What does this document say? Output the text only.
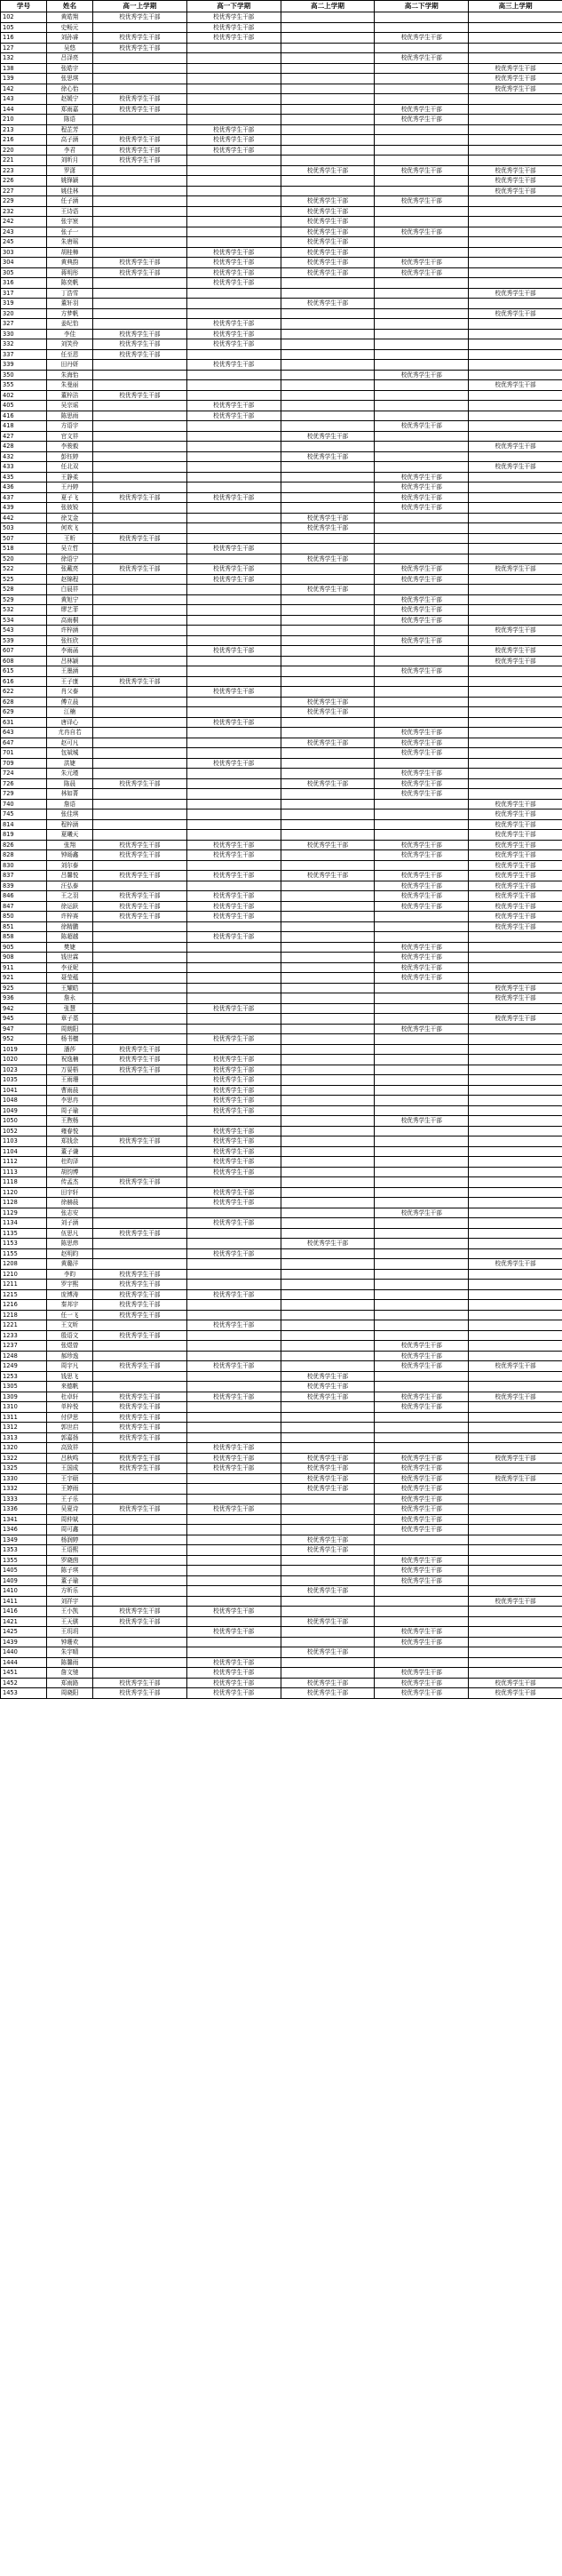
学号	姓名	高一上学期	高一下学期	高二上学期	高二下学期	高三上学期
102	黄皓翔	校优秀学生干部	校优秀学生干部			
105	史畅元		校优秀学生干部			
116	刘孙睿	校优秀学生干部	校优秀学生干部		校优秀学生干部	
127	吴悠	校优秀学生干部				
132	吕泽亮				校优秀学生干部	
138	张皓宇					校优秀学生干部
139	张思琪					校优秀学生干部
142	徐心怡					校优秀学生干部
143	赵媛宁	校优秀学生干部				
144	郑雨嘉	校优秀学生干部			校优秀学生干部	
210	陈语				校优秀学生干部	
213	程芷芳		校优秀学生干部			
216	高子涵	校优秀学生干部	校优秀学生干部			
220	李君	校优秀学生干部	校优秀学生干部			
221	刘昕月	校优秀学生干部				
223	罗潇			校优秀学生干部	校优秀学生干部	校优秀学生干部
226	姚锋颖					校优秀学生干部
227	姚佳林					校优秀学生干部
229	任子涵			校优秀学生干部	校优秀学生干部	
232	王诗语			校优秀学生干部		
242	张宇宸			校优秀学生干部		
243	张子一			校优秀学生干部	校优秀学生干部	
245	朱唐瑶			校优秀学生干部		
303	胡桂樟		校优秀学生干部	校优秀学生干部		
304	黄典韵	校优秀学生干部	校优秀学生干部	校优秀学生干部	校优秀学生干部	
305	蒋明彤	校优秀学生干部	校优秀学生干部	校优秀学生干部	校优秀学生干部	
316	陈奕帆		校优秀学生干部			
317	丁浩雪					校优秀学生干部
319	董轩羽			校优秀学生干部		
320	方梦帆					校优秀学生干部
327	姜纪怡		校优秀学生干部			
330	李佳	校优秀学生干部	校优秀学生干部			
332	刘笑伶	校优秀学生干部	校优秀学生干部			
337	任至恩	校优秀学生干部				
339	田丹妍		校优秀学生干部			
350	朱海怡				校优秀学生干部	
355	朱曼丽					校优秀学生干部
402	董梓洁	校优秀学生干部				
405	吴宗谣		校优秀学生干部			
416	陈思雨		校优秀学生干部			
418	方语宇				校优秀学生干部	
427	官文祥			校优秀学生干部		
428	李骏毅					校优秀学生干部
432	彭钰婷			校优秀学生干部		
433	任北双					校优秀学生干部
435	王静柔				校优秀学生干部	
436	王丹婷				校优秀学生干部	
437	夏子飞	校优秀学生干部	校优秀学生干部		校优秀学生干部	
439	张彼锐				校优秀学生干部	
442	徐艾金			校优秀学生干部		
503	何欢飞			校优秀学生干部		
507	王昕	校优秀学生干部				
518	吴立哲		校优秀学生干部			
520	徐语宁			校优秀学生干部		
522	张戴亮	校优秀学生干部	校优秀学生干部		校优秀学生干部	校优秀学生干部
525	赵锦程		校优秀学生干部		校优秀学生干部	
528	白晨祥			校优秀学生干部		
529	黄旭宁				校优秀学生干部	
532	缪艺菲				校优秀学生干部	
534	高雨桐				校优秀学生干部	
543	许梓涵					校优秀学生干部
539	张钰欣				校优秀学生干部	
607	李雨菡		校优秀学生干部			校优秀学生干部
608	吕林颖					校优秀学生干部
615	王墨涵				校优秀学生干部	
616	王子康	校优秀学生干部				
622	肖父泰		校优秀学生干部			
628	傅立晨			校优秀学生干部		
629	江楠			校优秀学生干部		
631	唐译心		校优秀学生干部			
643	尤冉自若				校优秀学生干部	
647	赵可凡			校优秀学生干部	校优秀学生干部	
701	包斌城				校优秀学生干部	
709	洪婕		校优秀学生干部			
724	朱元瑾				校优秀学生干部	
726	陈晨	校优秀学生干部		校优秀学生干部	校优秀学生干部	
729	林如菁				校优秀学生干部	
740	詹语					校优秀学生干部
745	张佳琪					校优秀学生干部
814	程梓涵					校优秀学生干部
819	夏曦天					校优秀学生干部
826	张翔	校优秀学生干部	校优秀学生干部	校优秀学生干部	校优秀学生干部	校优秀学生干部
828	钟旸鑫	校优秀学生干部	校优秀学生干部		校优秀学生干部	校优秀学生干部
830	刘尔泰					校优秀学生干部
837	吕馨悦	校优秀学生干部	校优秀学生干部	校优秀学生干部	校优秀学生干部	校优秀学生干部
839	汪弘泰				校优秀学生干部	校优秀学生干部
846	王之羽	校优秀学生干部	校优秀学生干部		校优秀学生干部	校优秀学生干部
847	徐运跃	校优秀学生干部	校优秀学生干部		校优秀学生干部	校优秀学生干部
850	许梓赛	校优秀学生干部	校优秀学生干部			校优秀学生干部
851	徐精鹏					校优秀学生干部
858	陈超越		校优秀学生干部			
905	樊婕				校优秀学生干部	
908	钱世霖				校优秀学生干部	
911	李亚妮				校优秀学生干部	
921	聂莹蕴				校优秀学生干部	
925	王耀皓					校优秀学生干部
936	詹永					校优秀学生干部
942	张慧		校优秀学生干部			
945	章子藁					校优秀学生干部
947	周朗阳				校优秀学生干部	
952	杨书檀		校优秀学生干部			
1019	潘莎	校优秀学生干部				
1020	祝逸楠	校优秀学生干部	校优秀学生干部			
1023	万晏梧	校优秀学生干部	校优秀学生干部			
1035	王雨珊		校优秀学生干部			
1041	曹雨晨		校优秀学生干部			
1048	李思冉		校优秀学生干部			
1049	周子瑜		校优秀学生干部			
1050	王煦杨				校优秀学生干部	
1052	雍春悦		校优秀学生干部			
1103	郑钱余	校优秀学生干部	校优秀学生干部			
1104	董子谦		校优秀学生干部			
1112	杜昀泽		校优秀学生干部			
1113	胡钧博		校优秀学生干部			
1118	传孟杰	校优秀学生干部				
1120	田宇轩		校优秀学生干部			
1128	徐赫晨		校优秀学生干部			
1129	张志安				校优秀学生干部	
1134	刘子涵		校优秀学生干部			
1135	伍思凡	校优秀学生干部				
1153	陈思炜			校优秀学生干部		
1155	赵明昀		校优秀学生干部			
1208	黄璐洋					校优秀学生干部
1210	李昀	校优秀学生干部				
1211	罗宇熙	校优秀学生干部				
1215	庞博涛	校优秀学生干部	校优秀学生干部			
1216	秦邦宇	校优秀学生干部				
1218	任一飞	校优秀学生干部				
1221	王文昕		校优秀学生干部			
1233	殷语文	校优秀学生干部				
1237	张煜曾				校优秀学生干部	
1248	郝珍逸				校优秀学生干部	
1249	周宇凡	校优秀学生干部	校优秀学生干部		校优秀学生干部	校优秀学生干部
1253	钱思飞			校优秀学生干部		
1305	来德帆			校优秀学生干部		
1309	杜卓轩	校优秀学生干部	校优秀学生干部	校优秀学生干部	校优秀学生干部	校优秀学生干部
1310	单梓悦	校优秀学生干部			校优秀学生干部	
1311	付伊思	校优秀学生干部				
1312	郭世启	校优秀学生干部				
1313	郭嘉扬	校优秀学生干部				
1320	高致祥		校优秀学生干部			
1322	吕秋鸣	校优秀学生干部	校优秀学生干部	校优秀学生干部	校优秀学生干部	校优秀学生干部
1325	王国成	校优秀学生干部	校优秀学生干部	校优秀学生干部	校优秀学生干部	
1330	王宇硕			校优秀学生干部	校优秀学生干部	校优秀学生干部
1332	王婷雨			校优秀学生干部	校优秀学生干部	
1333	王子乐				校优秀学生干部	
1336	吴夏诗	校优秀学生干部	校优秀学生干部		校优秀学生干部	
1341	周仲斌				校优秀学生干部	
1346	周可鑫				校优秀学生干部	
1349	杨润婷			校优秀学生干部		
1353	王语熙			校优秀学生干部		
1355	罗晓茵				校优秀学生干部	
1405	陈子琪				校优秀学生干部	
1409	董子瑜				校优秀学生干部	
1410	方昕乐			校优秀学生干部		
1411	刘祥宇					校优秀学生干部
1416	王小凯	校优秀学生干部	校优秀学生干部			
1421	王天骐	校优秀学生干部		校优秀学生干部		
1425	王玥玥		校优秀学生干部		校优秀学生干部	
1439	钟珊欢				校优秀学生干部	
1440	朱宇晴			校优秀学生干部		
1444	陈馨雨		校优秀学生干部			
1451	詹文驰		校优秀学生干部		校优秀学生干部	
1452	郑雨路	校优秀学生干部	校优秀学生干部	校优秀学生干部	校优秀学生干部	校优秀学生干部
1453	周晓阳	校优秀学生干部	校优秀学生干部	校优秀学生干部	校优秀学生干部	校优秀学生干部
